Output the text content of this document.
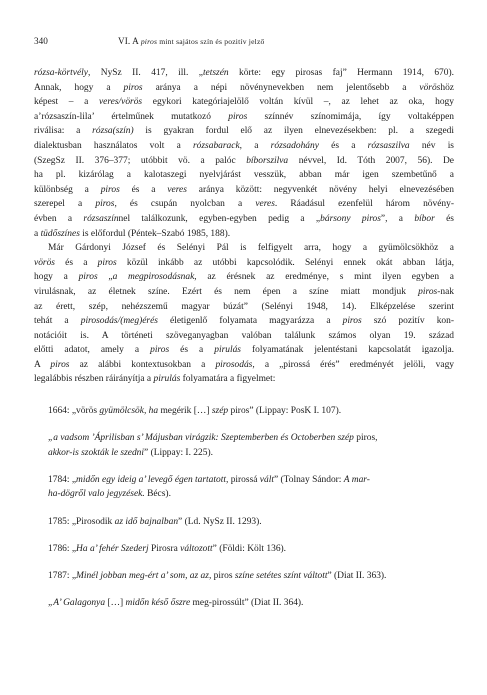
340	VI. A piros mint sajátos szín és pozitív jelző
rózsa-körtvély, NySz II. 417, ill. „tetszén körte: egy pirosas faj” Hermann 1914, 670).
Annak, hogy a piros aránya a népi növénynevekben nem jelentősebb a vöröshöz
képest – a veres/vörös egykori kategóriajelölő voltán kívül –, az lehet az oka, hogy
a’rózsaszín-lila’ értelműnek mutatkozó piros színnév színomimája, így voltaképpen
riválisa: a rózsa(szín) is gyakran fordul elő az ilyen elnevezésekben: pl. a szegedi
dialektusban használatos volt a rózsabarack, a rózsadohány és a rózsaszilva név is
(SzegSz II. 376–377; utóbbit vö. a palóc bíborszilva névvel, Id. Tóth 2007, 56). De
ha pl. kizárólag a kalotaszegi nyelvjárást vesszük, abban már igen szembetűnő a
különbség a piros és a veres aránya között: negyvenkét növény helyi elnevezésében
szerepel a piros, és csupán nyolcban a veres. Ráadásul ezenfelül három növény-
évben a rózsaszínnel találkozunk, egyben-egyben pedig a „bársony piros”, a bíbor és
a tüdőszínes is előfordul (Péntek–Szabó 1985, 188).
Már Gárdonyi József és Selényi Pál is felfigyelt arra, hogy a gyümölcsökhöz a
vörös és a piros közül inkább az utóbbi kapcsolódik. Selényi ennek okát abban látja,
hogy a piros „a megpirosodásnak, az érésnek az eredménye, s mint ilyen egyben a
virulásnak, az életnek színe. Ezért és nem épen a színe miatt mondjuk piros-nak
az érett, szép, nehézszemű magyar búzát” (Selényi 1948, 14). Elképzelése szerint
tehát a pirosodás/(meg)érés életigenlő folyamata magyarázza a piros szó pozitív kon-
notációit is. A történeti szöveganyagban valóban találunk számos olyan 19. század
előtti adatot, amely a piros és a pirulás folyamatának jelentéstani kapcsolatát igazolja.
A piros az alábbi kontextusokban a pirosodás, a „pirossá érés” eredményét jelöli, vagy
legalábbis részben ráirányítja a pirulás folyamatára a figyelmet:
1664: „vörös gyümölcsök, ha megérik […] szép piros” (Lippay: PosK I. 107).
„a vadsom ’Áprilisban s’ Májusban virágzik: Szeptemberben és Octoberben szép piros,
akkor-is szokták le szedni” (Lippay: I. 225).
1784: „midőn egy ideig a’ levegő égen tartatott, pirossá vált” (Tolnay Sándor: A mar-
ha-dögről valo jegyzések. Bécs).
1785: „Pirosodik az idő bajnalban” (Ld. NySz II. 1293).
1786: „Ha a’ fehér Szederj Pirosra változott” (Földi: Költ 136).
1787: „Minél jobban meg-ért a’ som, az az, piros színe setétes színt váltott” (Diat II. 363).
„A’ Galagonya […] midőn késő őszre meg-pirossúlt” (Diat II. 364).
